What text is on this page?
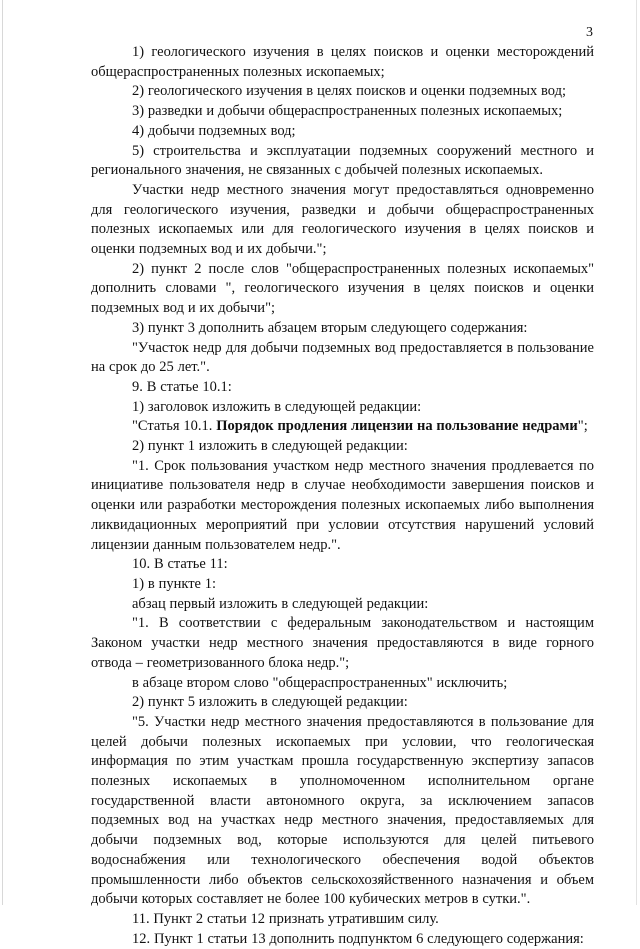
3

1) геологического изучения в целях поисков и оценки месторождений общераспространенных полезных ископаемых;

2) геологического изучения в целях поисков и оценки подземных вод;

3) разведки и добычи общераспространенных полезных ископаемых;

4) добычи подземных вод;

5) строительства и эксплуатации подземных сооружений местного и регионального значения, не связанных с добычей полезных ископаемых.

Участки недр местного значения могут предоставляться одновременно для геологического изучения, разведки и добычи общераспространенных полезных ископаемых или для геологического изучения в целях поисков и оценки подземных вод и их добычи.";

2) пункт 2 после слов "общераспространенных полезных ископаемых" дополнить словами ", геологического изучения в целях поисков и оценки подземных вод и их добычи";

3) пункт 3 дополнить абзацем вторым следующего содержания:

"Участок недр для добычи подземных вод предоставляется в пользование на срок до 25 лет.".

9. В статье 10.1:

1) заголовок изложить в следующей редакции:

"Статья 10.1. Порядок продления лицензии на пользование недрами";

2) пункт 1 изложить в следующей редакции:

"1. Срок пользования участком недр местного значения продлевается по инициативе пользователя недр в случае необходимости завершения поисков и оценки или разработки месторождения полезных ископаемых либо выполнения ликвидационных мероприятий при условии отсутствия нарушений условий лицензии данным пользователем недр.".

10. В статье 11:

1) в пункте 1:

абзац первый изложить в следующей редакции:

"1. В соответствии с федеральным законодательством и настоящим Законом участки недр местного значения предоставляются в виде горного отвода – геометризованного блока недр.";

в абзаце втором слово "общераспространенных" исключить;

2) пункт 5 изложить в следующей редакции:

"5. Участки недр местного значения предоставляются в пользование для целей добычи полезных ископаемых при условии, что геологическая информация по этим участкам прошла государственную экспертизу запасов полезных ископаемых в уполномоченном исполнительном органе государственной власти автономного округа, за исключением запасов подземных вод на участках недр местного значения, предоставляемых для добычи подземных вод, которые используются для целей питьевого водоснабжения или технологического обеспечения водой объектов промышленности либо объектов сельскохозяйственного назначения и объем добычи которых составляет не более 100 кубических метров в сутки.".

11. Пункт 2 статьи 12 признать утратившим силу.

12. Пункт 1 статьи 13 дополнить подпунктом 6 следующего содержания:
